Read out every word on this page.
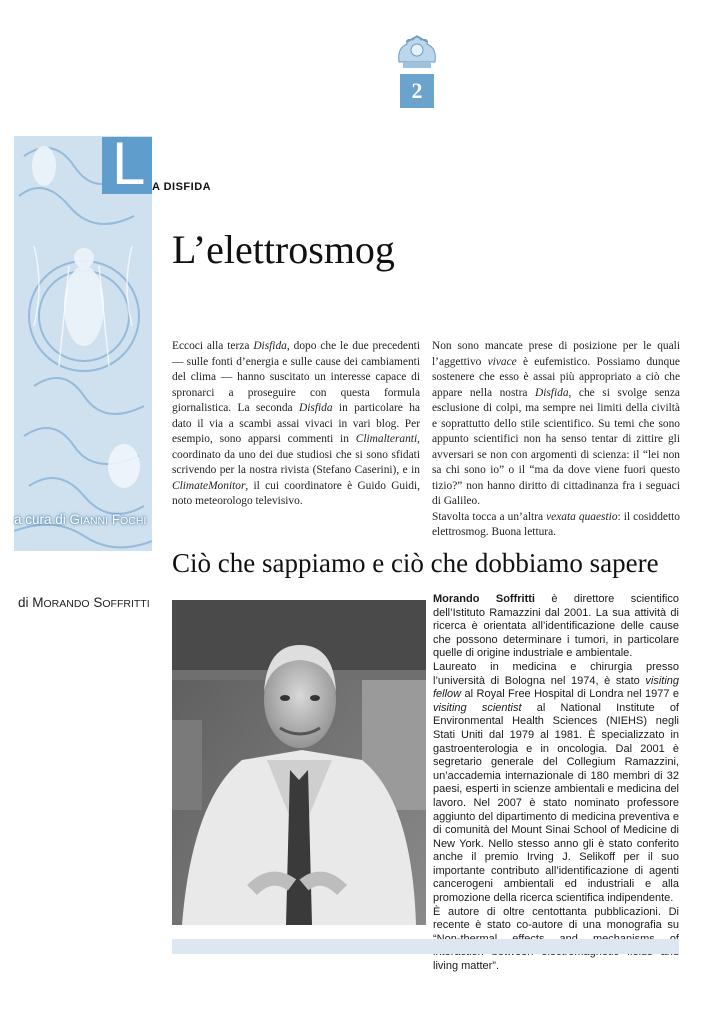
2
L A DISFIDA
L’elettrosmog

Eccoci alla terza Disfida, dopo che le due precedenti — sulle fonti d’energia e sulle cause dei cambiamenti del clima — hanno suscitato un interesse capace di spronarci a proseguire con questa formula giornalistica. La seconda Disfida in particolare ha dato il via a scambi assai vivaci in vari blog. Per esempio, sono apparsi commenti in Climalteranti, coordinato da uno dei due studiosi che si sono sfidati scrivendo per la nostra rivista (Stefano Caserini), e in ClimateMonitor, il cui coordinatore è Guido Guidi, noto meteorologo televisivo.

Non sono mancate prese di posizione per le quali l’aggettivo vivace è eufemistico. Possiamo dunque sostenere che esso è assai più appropriato a ciò che appare nella nostra Disfida, che si svolge senza esclusione di colpi, ma sempre nei limiti della civiltà e soprattutto dello stile scientifico. Su temi che sono appunto scientifici non ha senso tentar di zittire gli avversari se non con argomenti di scienza: il “lei non sa chi sono io” o il “ma da dove viene fuori questo tizio?” non hanno diritto di cittadinanza fra i seguaci di Galileo.

Stavolta tocca a un’altra vexata quaestio: il cosiddetto elettrosmog. Buona lettura.

a cura di GIANNI FOCHI
Ciò che sappiamo e ciò che dobbiamo sapere
di MORANDO SOFFRITTI	Morando Soffritti è direttore scientifico dell’Istituto Ramazzini dal 2001. La sua attività di ricerca è orientata all’identificazione delle cause che possono determinare i tumori, in particolare quelle di origine industriale e ambientale.

Laureato in medicina e chirurgia presso l’università di Bologna nel 1974, è stato visiting fellow al Royal Free Hospital di Londra nel 1977 e visiting scientist al National Institute of Environmental Health Sciences (NIEHS) negli Stati Uniti dal 1979 al 1981. È specializzato in gastroenterologia e in oncologia. Dal 2001 è segretario generale del Collegium Ramazzini, un’accademia internazionale di 180 membri di 32 paesi, esperti in scienze ambientali e medicina del lavoro. Nel 2007 è stato nominato professore aggiunto del dipartimento di medicina preventiva e di comunità del Mount Sinai School of Medicine di New York. Nello stesso anno gli è stato conferito anche il premio Irving J. Selikoff per il suo importante contributo all’identificazione di agenti cancerogeni ambientali ed industriali e alla promozione della ricerca scientifica indipendente.

È autore di oltre centottanta pubblicazioni. Di recente è stato co-autore di una monografia su living matter”.
